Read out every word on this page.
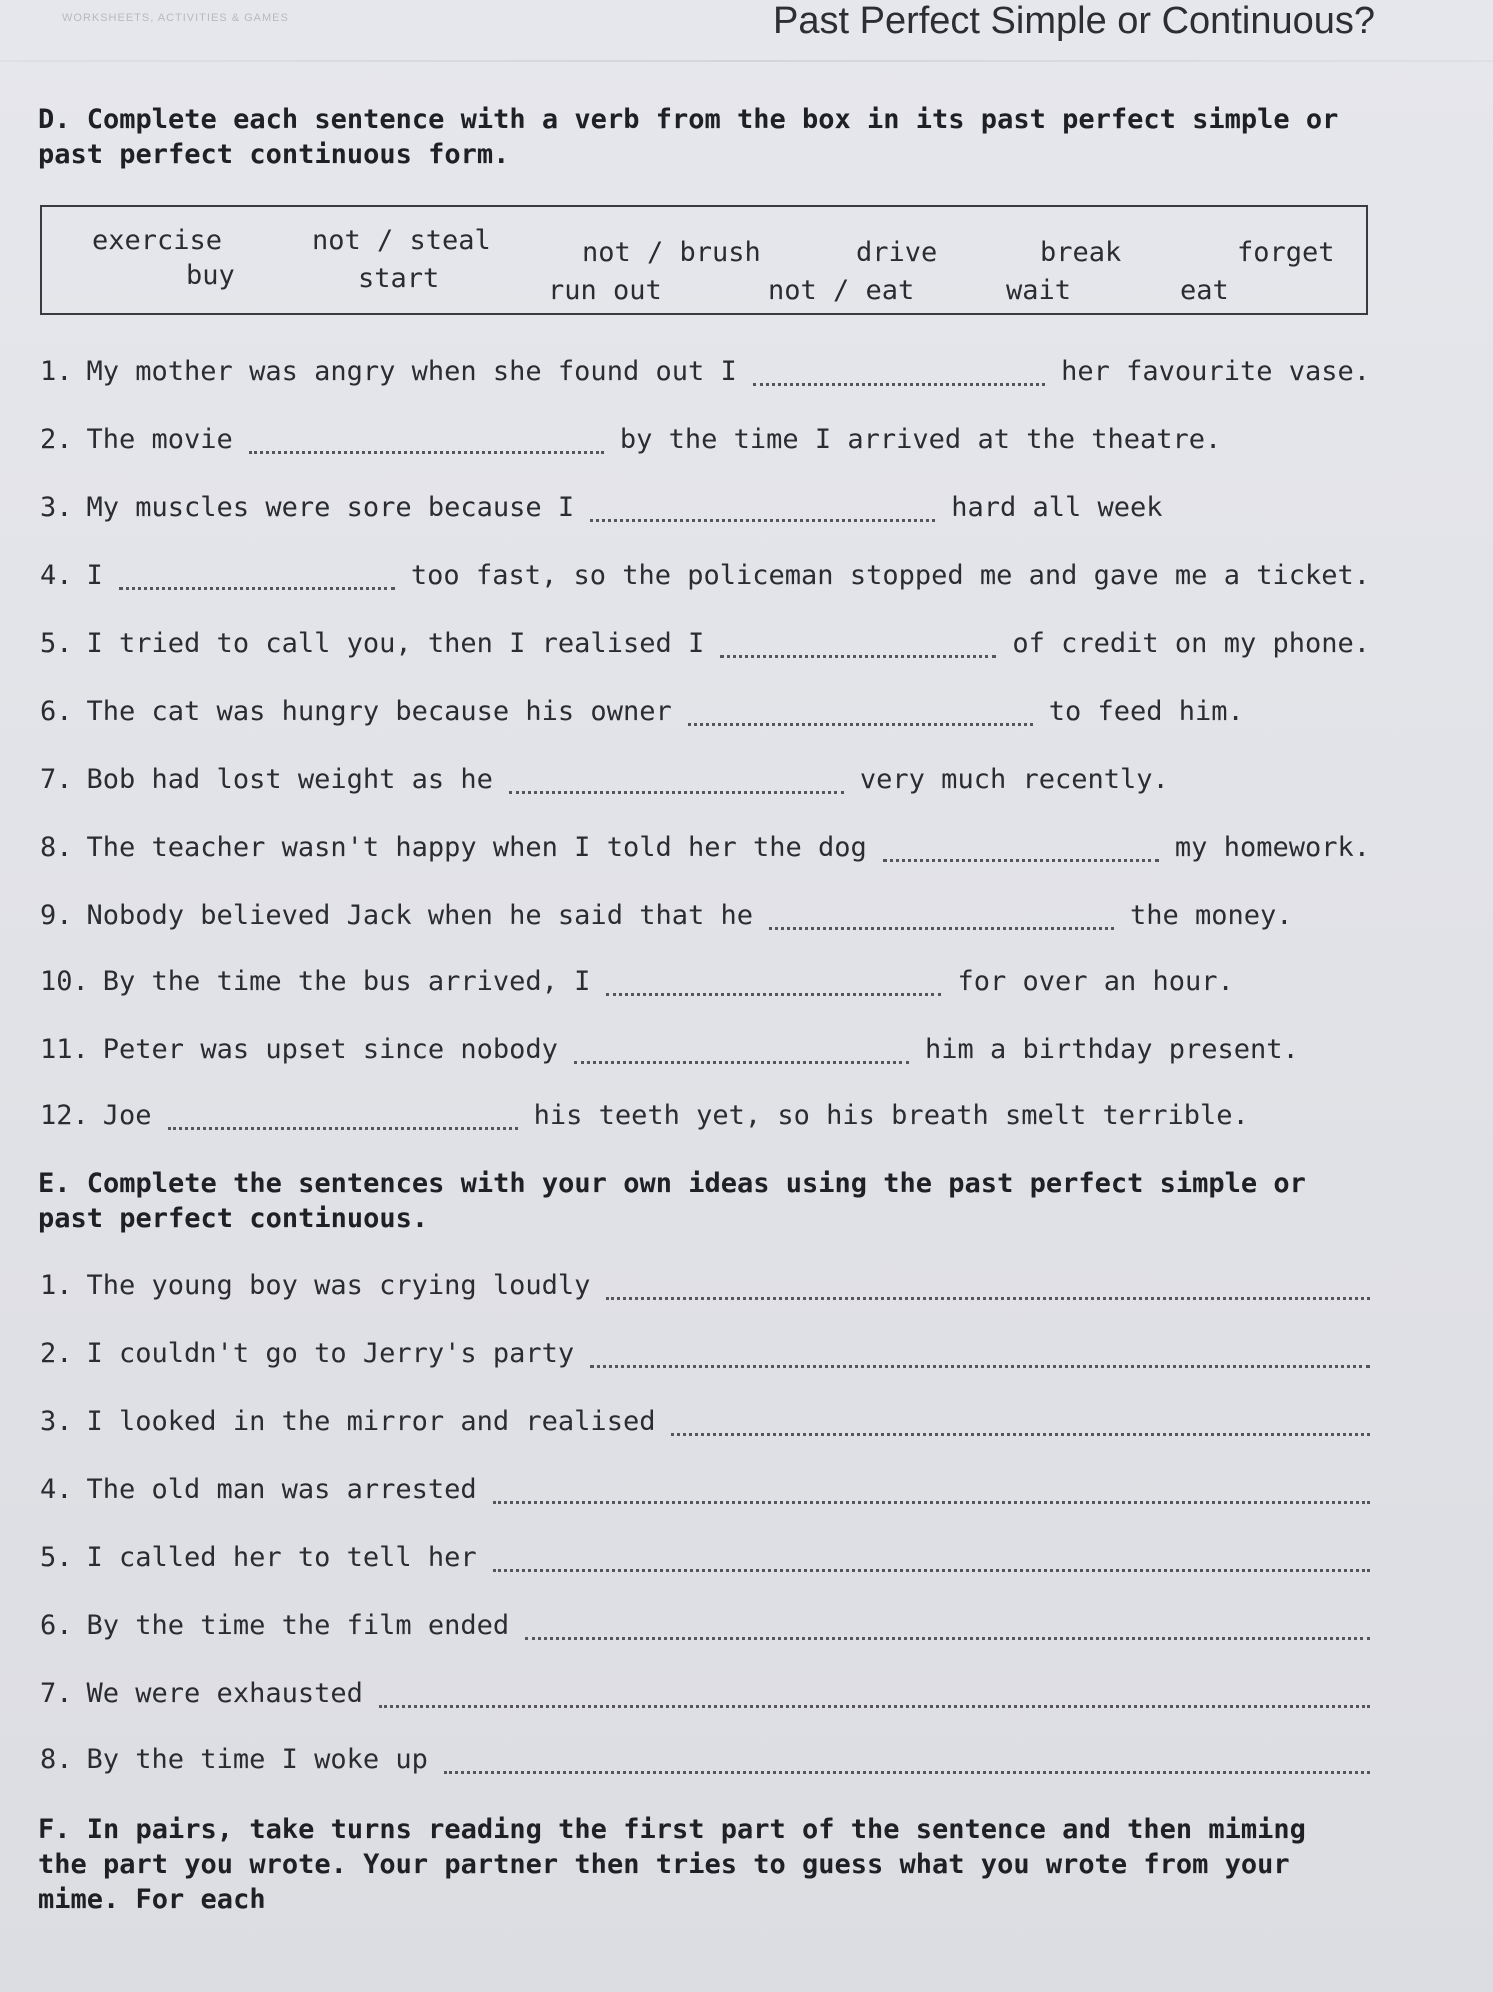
WORKSHEETS, ACTIVITIES & GAMES	Past Perfect Simple or Continuous?
D. Complete each sentence with a verb from the box in its past perfect simple or past perfect continuous form.
exercise	not / steal	not / brush	drive	break	forget
buy	start	run out	not / eat	wait	eat
1. My mother was angry when she found out I	her favourite vase.
2. The movie	by the time I arrived at the theatre.
3. My muscles were sore because I	hard all week
4. I	too fast, so the policeman stopped me and gave me a ticket.
5. I tried to call you, then I realised I	of credit on my phone.
6. The cat was hungry because his owner	to feed him.
7. Bob had lost weight as he	very much recently.
8. The teacher wasn't happy when I told her the dog	my homework.
9. Nobody believed Jack when he said that he	the money.
10. By the time the bus arrived, I	for over an hour.
11. Peter was upset since nobody	him a birthday present.
12. Joe	his teeth yet, so his breath smelt terrible.
E. Complete the sentences with your own ideas using the past perfect simple or past perfect continuous.
1. The young boy was crying loudly
2. I couldn't go to Jerry's party
3. I looked in the mirror and realised
4. The old man was arrested
5. I called her to tell her
6. By the time the film ended
7. We were exhausted
8. By the time I woke up
F. In pairs, take turns reading the first part of the sentence and then miming the part you wrote. Your partner then tries to guess what you wrote from your mime. For each
